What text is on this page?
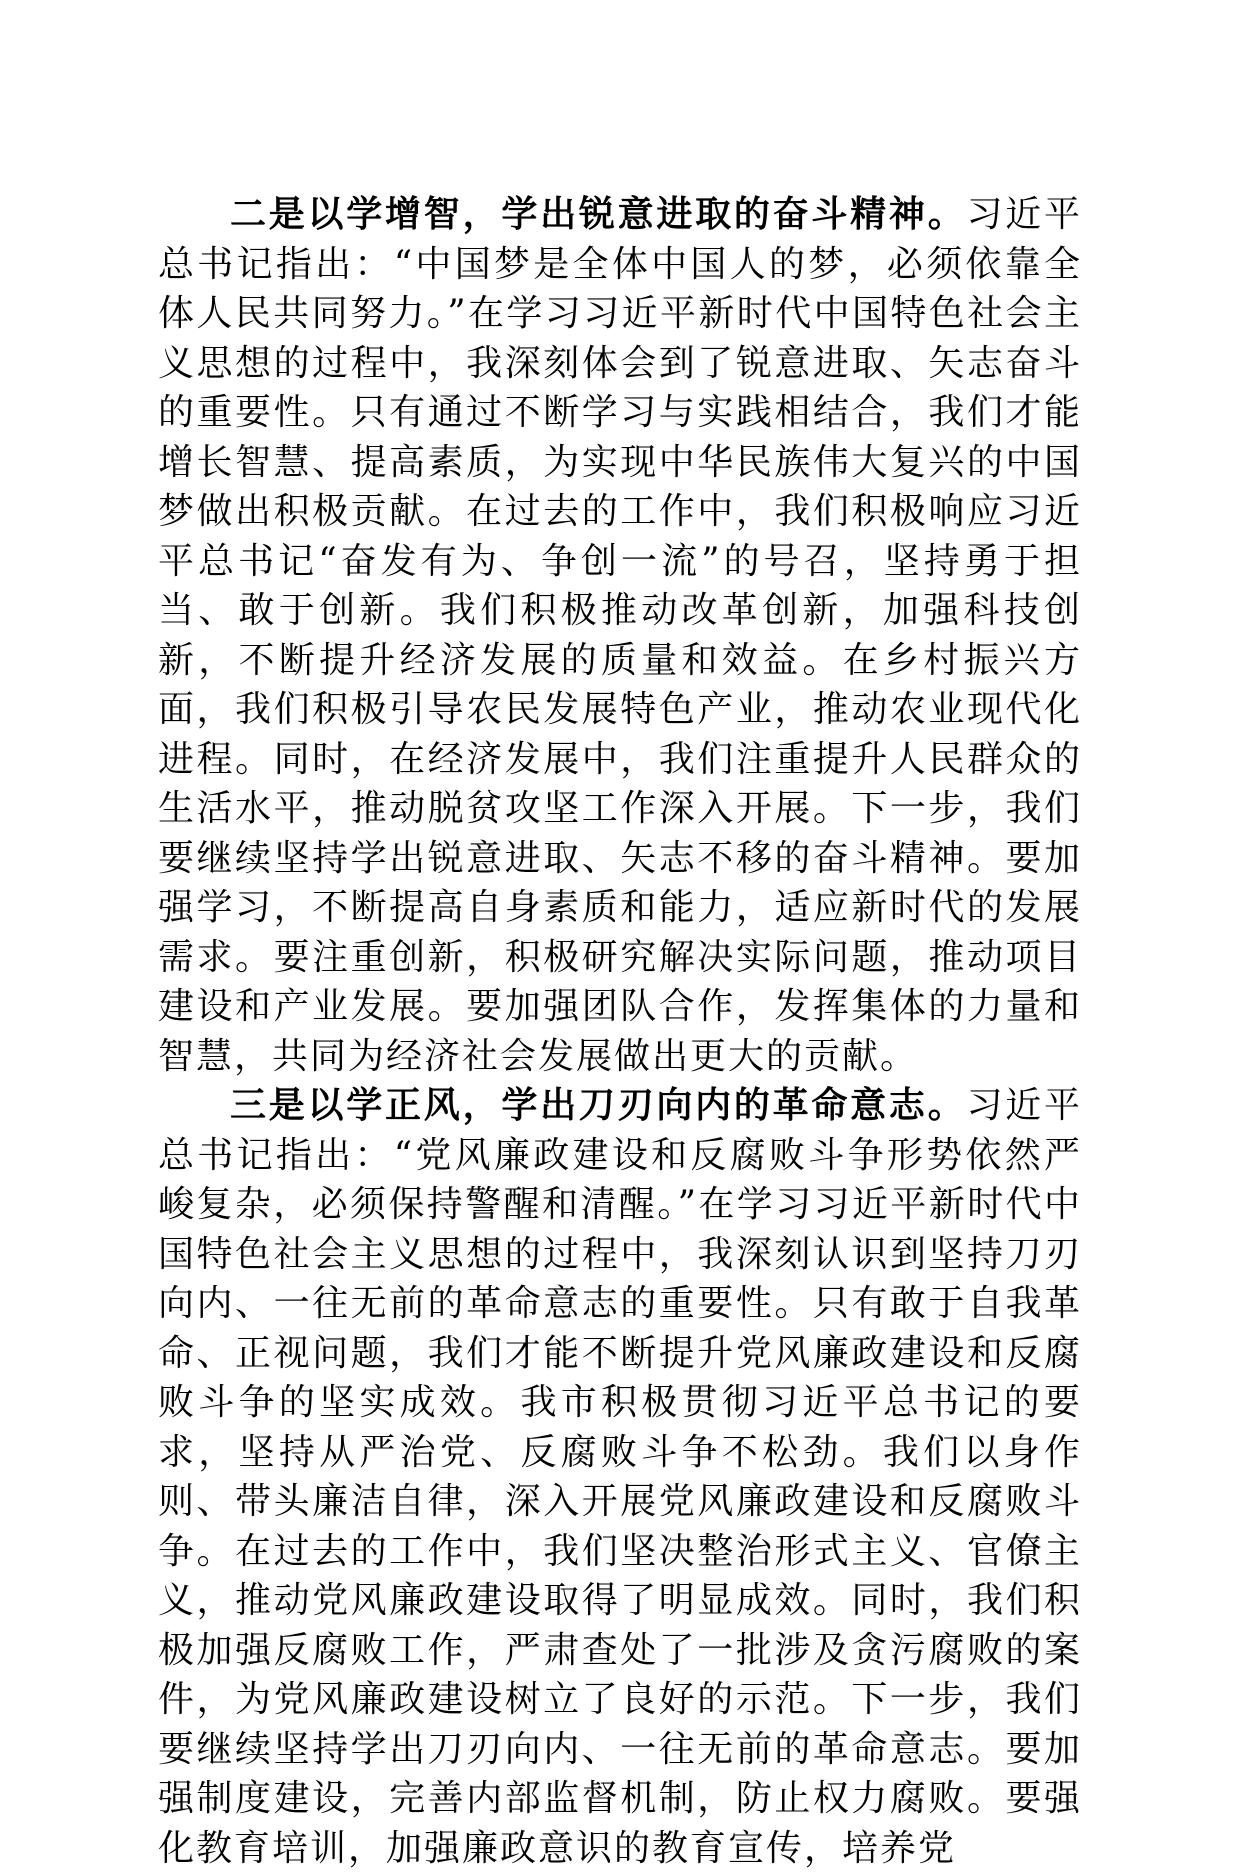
二是以学增智，学出锐意进取的奋斗精神。习近平总书记指出：“中国梦是全体中国人的梦，必须依靠全体人民共同努力。”在学习习近平新时代中国特色社会主义思想的过程中，我深刻体会到了锐意进取、矢志奋斗的重要性。只有通过不断学习与实践相结合，我们才能增长智慧、提高素质，为实现中华民族伟大复兴的中国梦做出积极贡献。在过去的工作中，我们积极响应习近平总书记“奋发有为、争创一流”的号召，坚持勇于担当、敢于创新。我们积极推动改革创新，加强科技创新，不断提升经济发展的质量和效益。在乡村振兴方面，我们积极引导农民发展特色产业，推动农业现代化进程。同时，在经济发展中，我们注重提升人民群众的生活水平，推动脱贫攻坚工作深入开展。下一步，我们要继续坚持学出锐意进取、矢志不移的奋斗精神。要加强学习，不断提高自身素质和能力，适应新时代的发展需求。要注重创新，积极研究解决实际问题，推动项目建设和产业发展。要加强团队合作，发挥集体的力量和智慧，共同为经济社会发展做出更大的贡献。

三是以学正风，学出刀刃向内的革命意志。习近平总书记指出：“党风廉政建设和反腐败斗争形势依然严峻复杂，必须保持警醒和清醒。”在学习习近平新时代中国特色社会主义思想的过程中，我深刻认识到坚持刀刃向内、一往无前的革命意志的重要性。只有敢于自我革命、正视问题，我们才能不断提升党风廉政建设和反腐败斗争的坚实成效。我市积极贯彻习近平总书记的要求，坚持从严治党、反腐败斗争不松劲。我们以身作则、带头廉洁自律，深入开展党风廉政建设和反腐败斗争。在过去的工作中，我们坚决整治形式主义、官僚主义，推动党风廉政建设取得了明显成效。同时，我们积极加强反腐败工作，严肃查处了一批涉及贪污腐败的案件，为党风廉政建设树立了良好的示范。下一步，我们要继续坚持学出刀刃向内、一往无前的革命意志。要加强制度建设，完善内部监督机制，防止权力腐败。要强化教育培训，加强廉政意识的教育宣传，培养党
